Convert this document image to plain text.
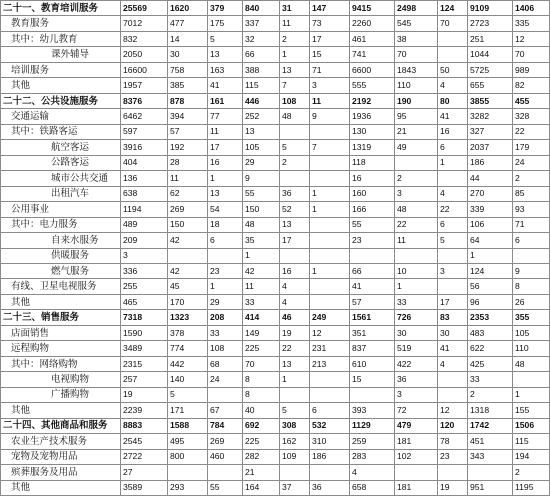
二十一、教育培训服务	25569	1620	379	840	31	147	9415	2498	124	9109	1406
教育服务	7012	477	175	337	11	73	2260	545	70	2723	335
其中：幼儿教育	832	14	5	32	2	17	461	38		251	12
课外辅导	2050	30	13	66	1	15	741	70		1044	70
培训服务	16600	758	163	388	13	71	6600	1843	50	5725	989
其他	1957	385	41	115	7	3	555	110	4	655	82
二十二、公共设施服务	8376	878	161	446	108	11	2192	190	80	3855	455
交通运输	6462	394	77	252	48	9	1936	95	41	3282	328
其中：铁路客运	597	57	11	13			130	21	16	327	22
航空客运	3916	192	17	105	5	7	1319	49	6	2037	179
公路客运	404	28	16	29	2		118		1	186	24
城市公共交通	136	11	1	9			16	2		44	2
出租汽车	638	62	13	55	36	1	160	3	4	270	85
公用事业	1194	269	54	150	52	1	166	48	22	339	93
其中：电力服务	489	150	18	48	13		55	22	6	106	71
自来水服务	209	42	6	35	17		23	11	5	64	6
供暖服务	3			1						1	
燃气服务	336	42	23	42	16	1	66	10	3	124	9
有线、卫星电视服务	255	45	1	11	4		41	1		56	8
其他	465	170	29	33	4		57	33	17	96	26
二十三、销售服务	7318	1323	208	414	46	249	1561	726	83	2353	355
店面销售	1590	378	33	149	19	12	351	30	30	483	105
远程购物	3489	774	108	225	22	231	837	519	41	622	110
其中：网络购物	2315	442	68	70	13	213	610	422	4	425	48
电视购物	257	140	24	8	1		15	36		33	
广播购物	19	5		8				3		2	1
其他	2239	171	67	40	5	6	393	72	12	1318	155
二十四、其他商品和服务	8883	1588	784	692	308	532	1129	479	120	1742	1506
农业生产技术服务	2545	495	269	225	162	310	259	181	78	451	115
宠物及宠物用品	2722	800	460	282	109	186	283	102	23	343	194
殡葬服务及用品	27			21			4				2
其他	3589	293	55	164	37	36	658	181	19	951	1195
